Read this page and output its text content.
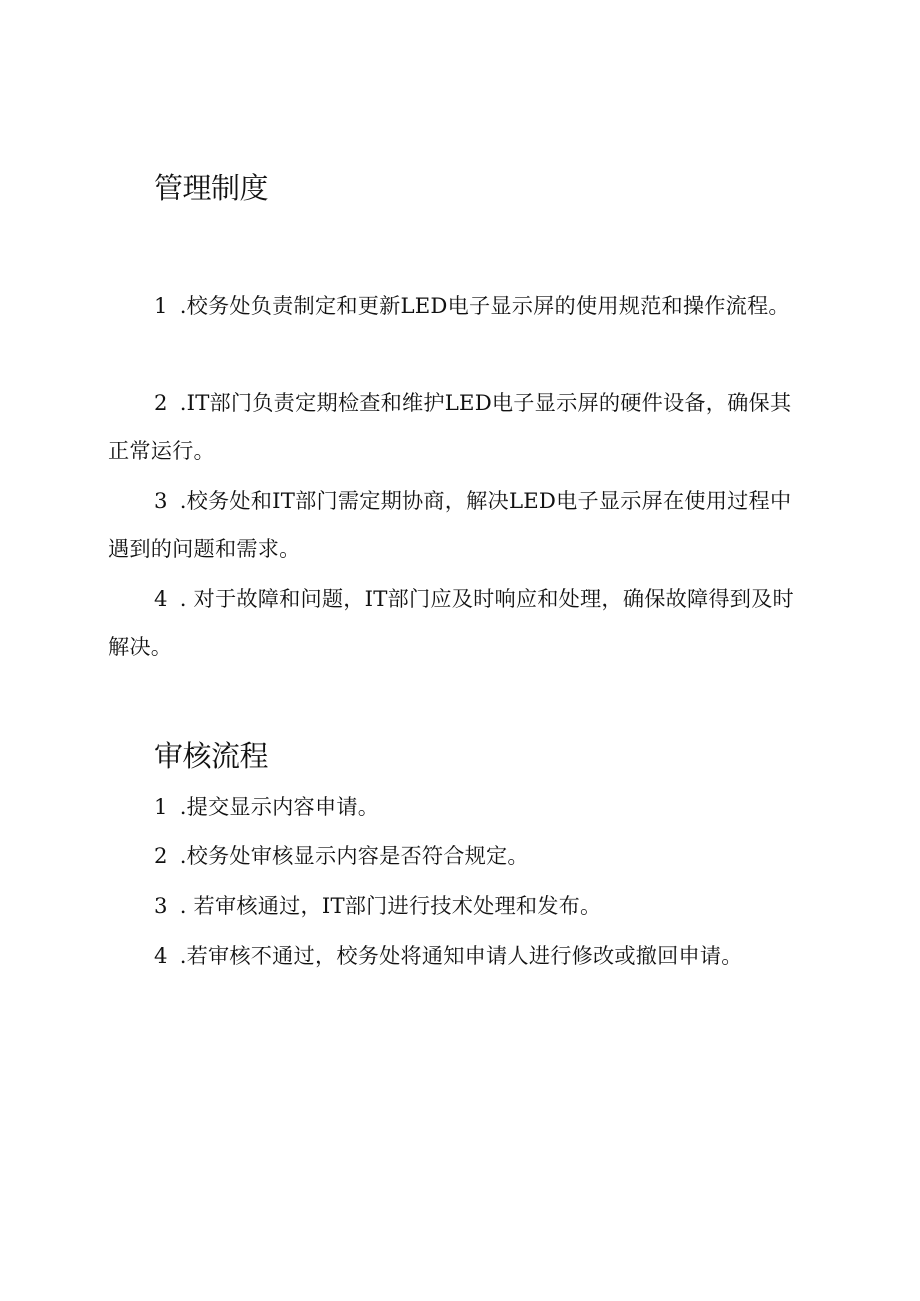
管理制度

1 .校务处负责制定和更新LED电子显示屏的使用规范和操作流程。

2 .IT部门负责定期检查和维护LED电子显示屏的硬件设备，确保其正常运行。

3 .校务处和IT部门需定期协商，解决LED电子显示屏在使用过程中遇到的问题和需求。

4 . 对于故障和问题，IT部门应及时响应和处理，确保故障得到及时解决。

审核流程

1 .提交显示内容申请。

2 .校务处审核显示内容是否符合规定。

3 . 若审核通过，IT部门进行技术处理和发布。

4 .若审核不通过，校务处将通知申请人进行修改或撤回申请。
